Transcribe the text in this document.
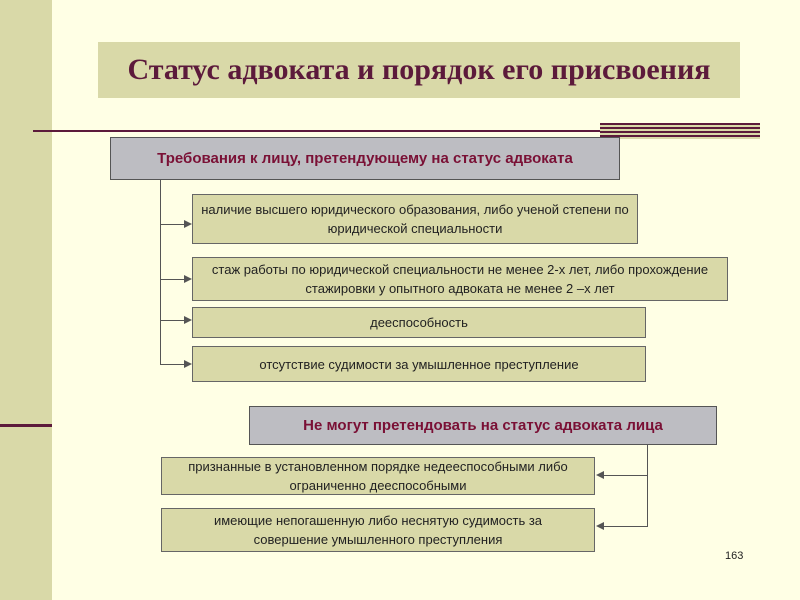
Статус адвоката и порядок его присвоения
Требования к лицу, претендующему на статус адвоката
наличие высшего юридического образования, либо ученой степени по юридической специальности
стаж работы по юридической специальности не менее 2-х лет, либо прохождение стажировки у опытного адвоката не менее 2 –х лет
дееспособность
отсутствие судимости за умышленное преступление
Не могут претендовать на статус адвоката лица
признанные в установленном порядке недееспособными либо ограниченно дееспособными
имеющие непогашенную либо неснятую судимость за совершение умышленного преступления
163
